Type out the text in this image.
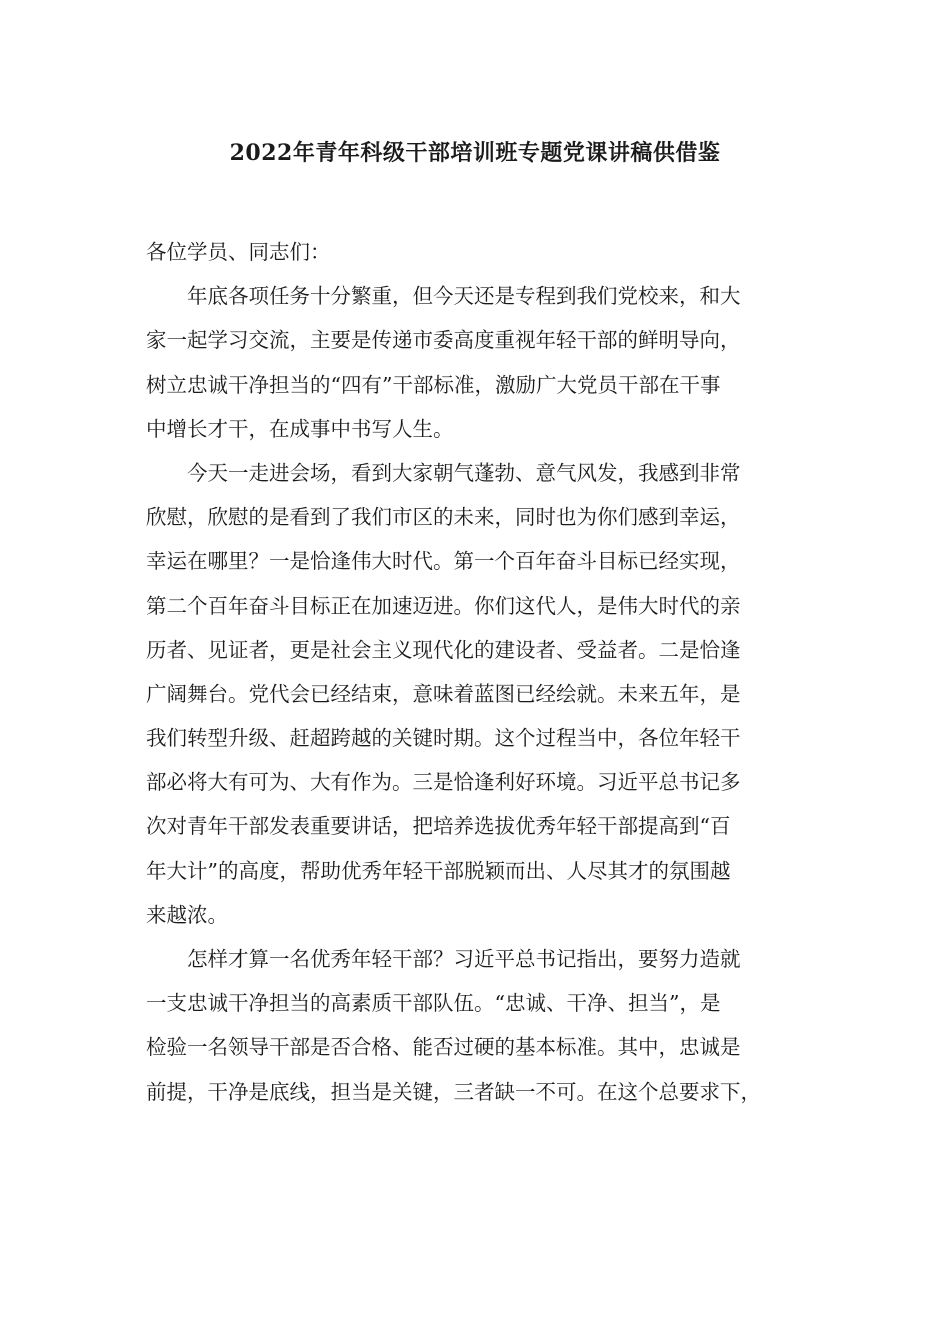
2022年青年科级干部培训班专题党课讲稿供借鉴
各位学员、同志们：
年底各项任务十分繁重，但今天还是专程到我们党校来，和大
家一起学习交流，主要是传递市委高度重视年轻干部的鲜明导向，
树立忠诚干净担当的“四有”干部标准，激励广大党员干部在干事
中增长才干，在成事中书写人生。
今天一走进会场，看到大家朝气蓬勃、意气风发，我感到非常
欣慰，欣慰的是看到了我们市区的未来，同时也为你们感到幸运，
幸运在哪里？一是恰逢伟大时代。第一个百年奋斗目标已经实现，
第二个百年奋斗目标正在加速迈进。你们这代人，是伟大时代的亲
历者、见证者，更是社会主义现代化的建设者、受益者。二是恰逢
广阔舞台。党代会已经结束，意味着蓝图已经绘就。未来五年，是
我们转型升级、赶超跨越的关键时期。这个过程当中，各位年轻干
部必将大有可为、大有作为。三是恰逢利好环境。习近平总书记多
次对青年干部发表重要讲话，把培养选拔优秀年轻干部提高到“百
年大计”的高度，帮助优秀年轻干部脱颖而出、人尽其才的氛围越
来越浓。
怎样才算一名优秀年轻干部？习近平总书记指出，要努力造就
一支忠诚干净担当的高素质干部队伍。“忠诚、干净、担当”，是
检验一名领导干部是否合格、能否过硬的基本标准。其中，忠诚是
前提，干净是底线，担当是关键，三者缺一不可。在这个总要求下，
